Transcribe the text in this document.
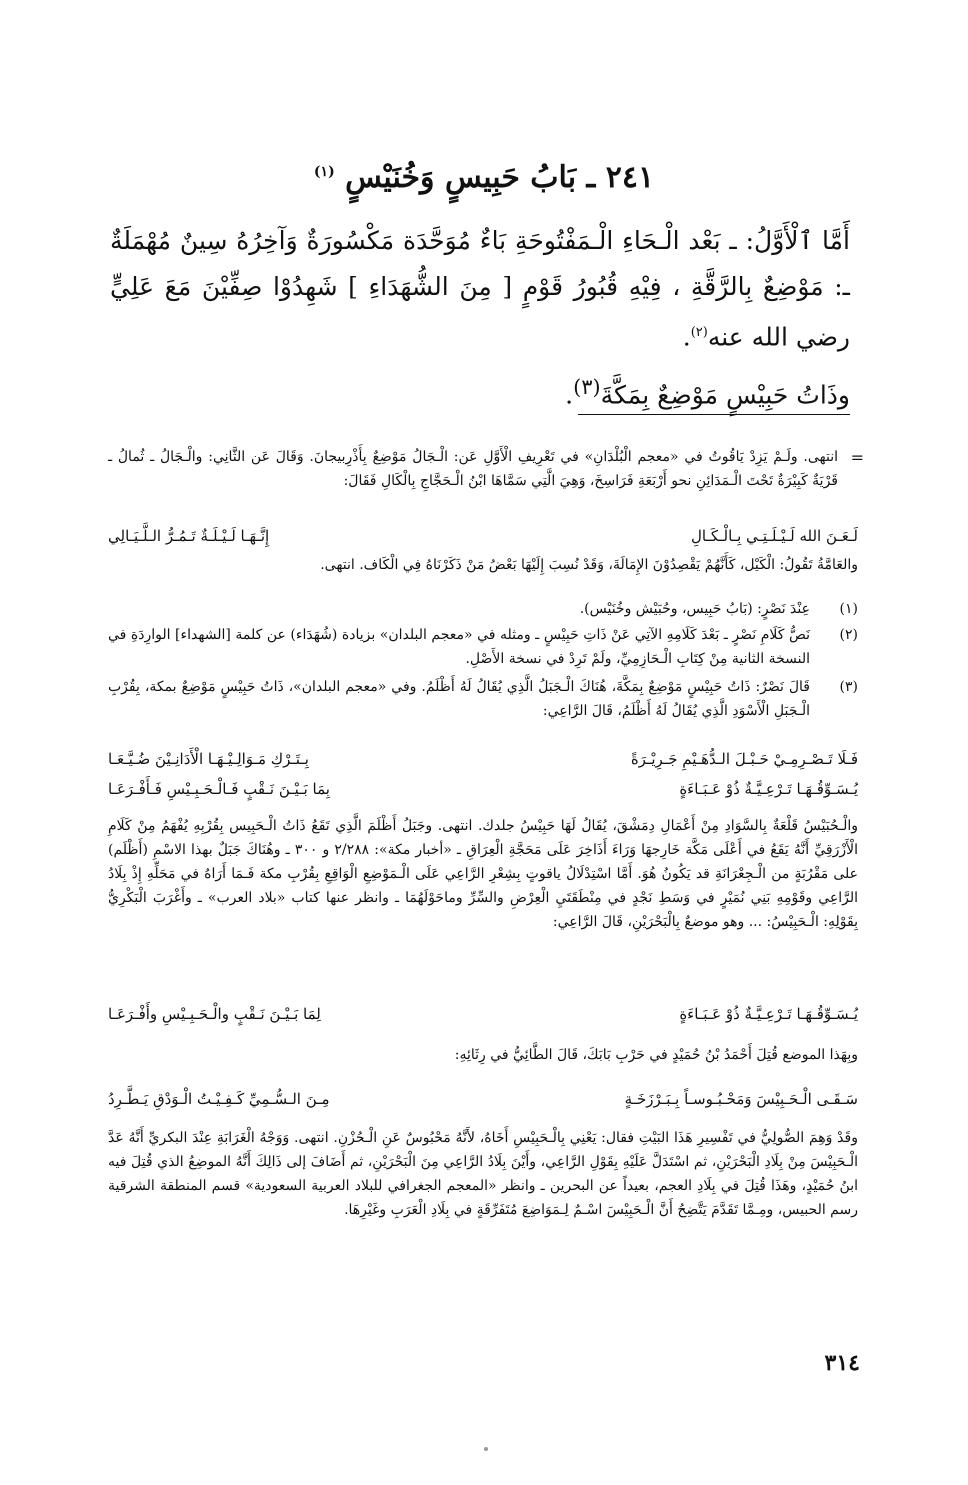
٢٤١ ـ بَابُ حَبِيسٍ وَخُنَيْسٍ $^{(١)}$

أَمَّا ٱلْأَوَّلُ: ـ بَعْد الْـحَاءِ الْـمَفْتُوحَةِ بَاءٌ مُوَحَّدَة مَكْسُورَةٌ وَآخِرُهُ سِينٌ مُهْمَلَةٌ ـ: مَوْضِعٌ بِالرَّقَّةِ ، فِيْهِ قُبُورُ قَوْمٍ [ مِنَ الشُّهَدَاءِ ] شَهِدُوْا صِفِّيْنَ مَعَ عَلِيٍّ رضي الله عنه$^{(٢)}$.

وذَاتُ حَبِيْسٍ مَوْضِعٌ بِمَكَّةَ$^{(٣)}$.

=

انتهى. ولَـمْ يَزِدْ يَاقُوتُ في «معجم الْبُلْدَانِ» في تَعْرِيفِ الْأَوَّلِ عَن: الْـجَالُ مَوْضِعٌ بِأَذْرِبيجانَ. وَقَالَ عَن الثَّانِي: والْـجَالُ ـ ثُمالُ ـ قَرْيَةٌ كَبِيْرَةٌ تَحْتَ الْـمَدَائِنِ نحو أَرْبَعَةِ فَرَاسِخَ، وَهِيَ الَّتِي سَمَّاهَا ابْنُ الْـحَجَّاجِ بِالْكَالِ فَقَالَ:

لَـعَـنَ الله لَـيْـلَـتِـي بِـالْـكَـالِ
إِنَّـهَـا لَـيْـلَـةٌ تَـمُـرُّ الـلَّـيَـالِي

والعَامَّةُ تَقُولُ: الْكَيْل، كَأَنَّهُمْ يَقْصِدُوْنَ الإِمَالَةَ، وَقَدْ نُسِبَ إِلَيْهَا بَعْضُ مَنْ ذَكَرْنَاهُ فِي الْكَاف. انتهى.

(١)
عِنْدَ نَصْرٍ: (بَابُ حَبِيس، وحُبَيْش وخُنَيْس).
(٢)
نَصُّ كَلَامِ نَصْرٍ ـ بَعْدَ كَلَامِهِ الآتِي عَنْ ذَاتِ حَبِيْسٍ ـ ومثله في «معجم البلدان» بزيادة (شُهَدَاء) عن كلمة [الشهداء] الوارِدَةِ في النسخة الثانية مِنْ كِتَابِ الْـحَازِمِيِّ، ولَمْ تَرِدْ في نسخة الأَصْلِ.
(٣)
قَالَ نَصْرٌ: ذَاتُ حَبِيْسٍ مَوْضِعٌ بِمَكَّةَ، هُنَاكَ الْـجَبَلُ الَّذِي يُقَالُ لَهُ أَظْلَمُ. وفي «معجم البلدان»، ذَاتُ حَبِيْسٍ مَوْضِعٌ بمكة، بِقُرْبِ الْـجَبَلِ الْأَسْوَدِ الَّذِي يُقَالُ لَهُ أَظْلَمُ، قَالَ الرَّاعِي:
فَـلَا تَـصْـرِمِـيْ حَـبْـلَ الـدُّهَـيْمِ جَـرِيْـرَةً
بِـتَـرْكِ مَـوَالِـيْـهَـا الْأَدَانِـيْنَ ضُـيَّـعَـا
يُـسَـوِّقُـهَـا تَـرْعِـيَّـةٌ ذُوْ عَـبَـاءَةٍ
بِمَا بَـيْـنَ نَـقْبٍ فَـالْـحَـبِـيْسِ فَـأَفْـرَعَـا

والْـحُبَيْسُ قَلْعَةٌ بِالسَّوَادِ مِنْ أَعْمَالِ دِمَشْقَ، يُقَالُ لَهَا حَبِيْسُ جلدك. انتهى. وجَبَلُ أَظْلَمَ الَّذِي تَقَعُ ذَاتُ الْـحَبِيس بِقُرْبِهِ يُفْهَمُ مِنْ كَلَامِ الْأَزْرَقِيِّ أَنَّهُ يَقَعُ في أَعْلَى مَكَّة خَارِجهَا وَرَاءَ أَذَاخِرَ عَلَى مَحَجَّةِ الْعِرَاقِ ـ «أخبار مكة»: ٢/٢٨٨ و ٣٠٠ ـ وهُنَاكَ جَبَلٌ بهذا الاسْمِ (أَظْلَم) على مَقْرُبَةٍ من الْـجِعْرَانَةِ قد يَكُونُ هُوَ. أَمَّا اسْتِدْلَالُ ياقوتٍ بِشِعْرِ الرَّاعِي عَلَى الْـمَوْضِعِ الْوَاقِعِ بِقُرْبِ مكة فَـمَا أَرَاهُ في مَحَلِّهِ إِذْ بِلَادُ الرَّاعِي وقَوْمِهِ بَنِي نُمَيْرٍ في وَسَطِ نَجْدٍ في مِنْطَقَتَيِ الْعِرْضِ والسِّرِّ وماحَوْلَهُمَا ـ وانظر عنها كتاب «بلاد العرب» ـ وأَغْرَبَ الْبَكْرِيُّ بِقَوْلِهِ: الْـحَبِيْسُ: ... وهو موضعٌ بِالْبَحْرَيْنِ، قَالَ الرَّاعِي:

يُـسَـوِّقُـهَـا تَـرْعِـيَّـةٌ ذُوْ عَـبَـاءَةٍ
لِمَا بَـيْـنَ نَـقْبٍ والْـحَـبِـيْسِ وأَفْـرَعَـا

وبِهَذا الموضع قُتِلَ أَحْمَدُ بْنُ حُمَيْدٍ في حَرْبِ بَابَكَ، قَالَ الطَّائِيُّ في رِثَائِهِ:

سَـقَـى الْـحَـبِيْسَ وَمَحْـبُـوسـاً بِـبَـرْزَخَـةٍ
مِـنَ الـسُّـمِيِّ كَـفِـيْـتُ الْـوَدْقِ يَـطَّـرِدُ

وقَدْ وَهِمَ الصُّولِيُّ في تَفْسِيرِ هَذَا البَيْتِ فقال: يَعْنِي بِالْـحَبِيْسِ أَخَاهُ، لأَنَّهُ مَحْبُوسٌ عَنِ الْـحُزْنِ. انتهى. وَوَجْهُ الْغَرَابَةِ عِنْدَ البكريِّ أَنَّهُ عَدَّ الْـحَبِيْسَ مِنْ بِلَادِ الْبَحْرَيْنِ، ثم اسْتَدَلَّ عَلَيْهِ بِقَوْلِ الرَّاعِي، وأَيْنَ بِلَادُ الرَّاعِي مِنَ الْبَحْرَيْنِ، ثم أَضَافَ إلى ذَالِكَ أَنَّهُ الموضِعُ الذي قُتِلَ فيه ابنُ حُمَيْدٍ، وهَذَا قُتِلَ في بِلَادِ العجم، بعيداً عن البحرين ـ وانظر «المعجم الجغرافي للبلاد العربية السعودية» قسم المنطقة الشرقية رسم الحبيس، ومِـمَّا تَقَدَّمَ يَتَّضِحُ أَنَّ الْـحَبِيْسَ اسْـمٌ لِـمَوَاضِعَ مُتَفَرِّقَةٍ في بِلَادِ الْعَرَبِ وغَيْرِهَا.

٣١٤
